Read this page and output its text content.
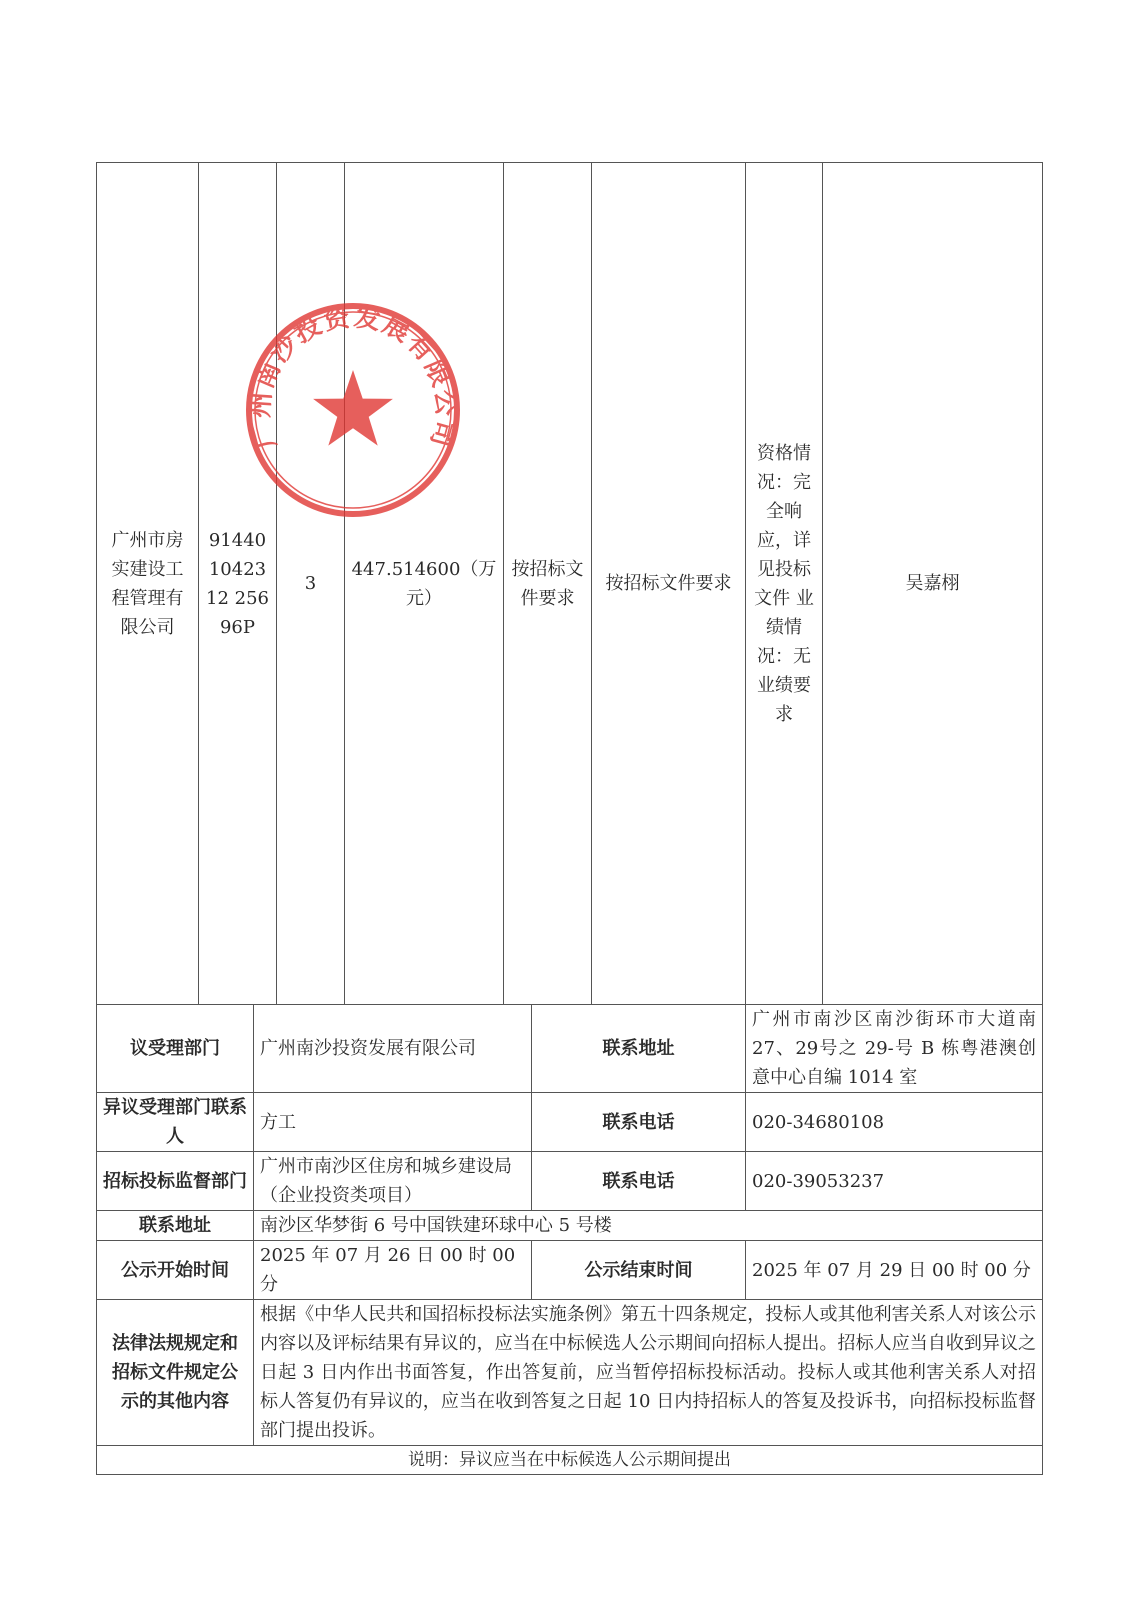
广州市房实建设工程管理有限公司	914401042312 25696P		3	447.514600（万元）	按招标文件要求		按招标文件要求	资格情况：完全响应，详见投标文件 业绩情况：无业绩要求	吴嘉栩	
议受理部门		广州南沙投资发展有限公司				联系地址		广州市南沙区南沙街环市大道南 27、29号之 29-号 B 栋粤港澳创意中心自编 1014 室		
异议受理部门联系人		方工				联系电话		020-34680108		
招标投标监督部门		广州市南沙区住房和城乡建设局（企业投资类项目）				联系电话		020-39053237		
联系地址		南沙区华梦街 6 号中国铁建环球中心 5 号楼								
公示开始时间		2025 年 07 月 26 日 00 时 00 分				公示结束时间		2025 年 07 月 29 日 00 时 00 分		
法律法规规定和招标文件规定公示的其他内容		根据《中华人民共和国招标投标法实施条例》第五十四条规定，投标人或其他利害关系人对该公示内容以及评标结果有异议的，应当在中标候选人公示期间向招标人提出。招标人应当自收到异议之日起 3 日内作出书面答复，作出答复前，应当暂停招标投标活动。投标人或其他利害关系人对招标人答复仍有异议的，应当在收到答复之日起 10 日内持招标人的答复及投诉书，向招标投标监督部门提出投诉。								
说明：异议应当在中标候选人公示期间提出										
广州南沙投资发展有限公司
